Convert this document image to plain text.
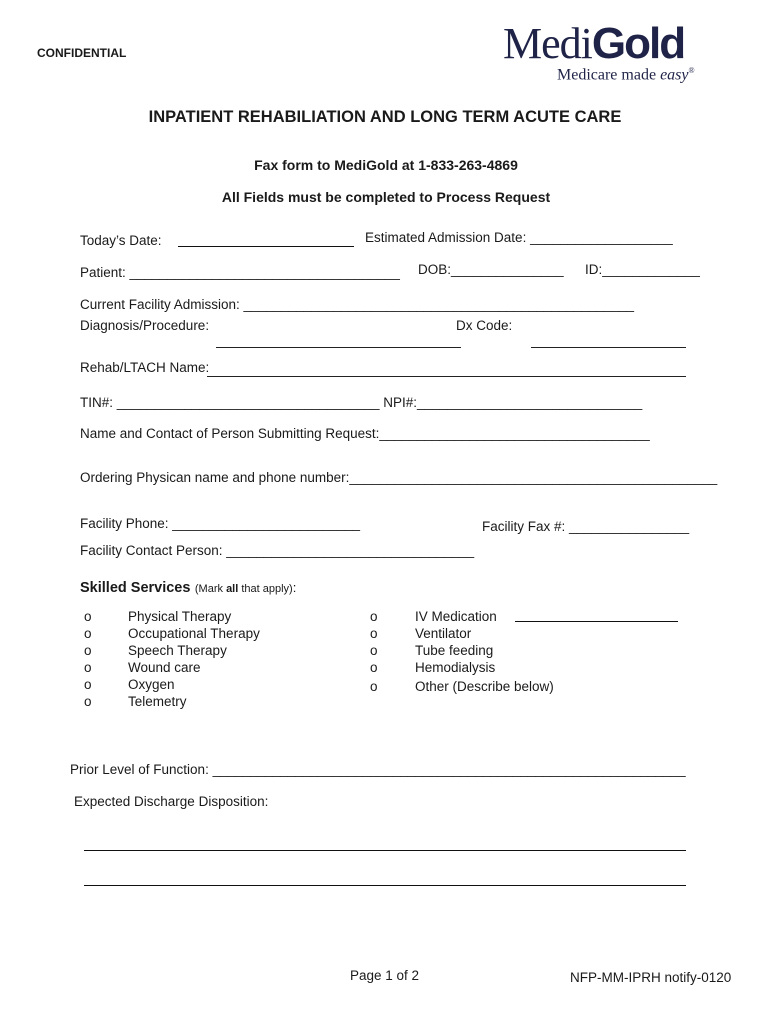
CONFIDENTIAL	MediGold
Medicare made easy®
INPATIENT REHABILIATION AND LONG TERM ACUTE CARE
Fax form to MediGold at 1-833-263-4869
All Fields must be completed to Process Request
Today’s Date:	Estimated Admission Date: ___________________
Patient: ____________________________________ DOB:_______________ ID:_____________
Current Facility Admission: ____________________________________________________
Diagnosis/Procedure:	Dx Code:
Rehab/LTACH Name:
TIN#: ___________________________________ NPI#:______________________________
Name and Contact of Person Submitting Request:____________________________________
Ordering Physican name and phone number:_________________________________________________
Facility Phone: _________________________	Facility Fax #: ________________
Facility Contact Person: _________________________________
Skilled Services (Mark all that apply):
o	Physical Therapy
o	Occupational Therapy
o	Speech Therapy
o	Wound care
o	Oxygen
o	Telemetry
o	IV Medication
o	Ventilator
o	Tube feeding
o	Hemodialysis
o	Other (Describe below)
Prior Level of Function: _______________________________________________________________
Expected Discharge Disposition:
Page 1 of 2	NFP-MM-IPRH notify-0120
